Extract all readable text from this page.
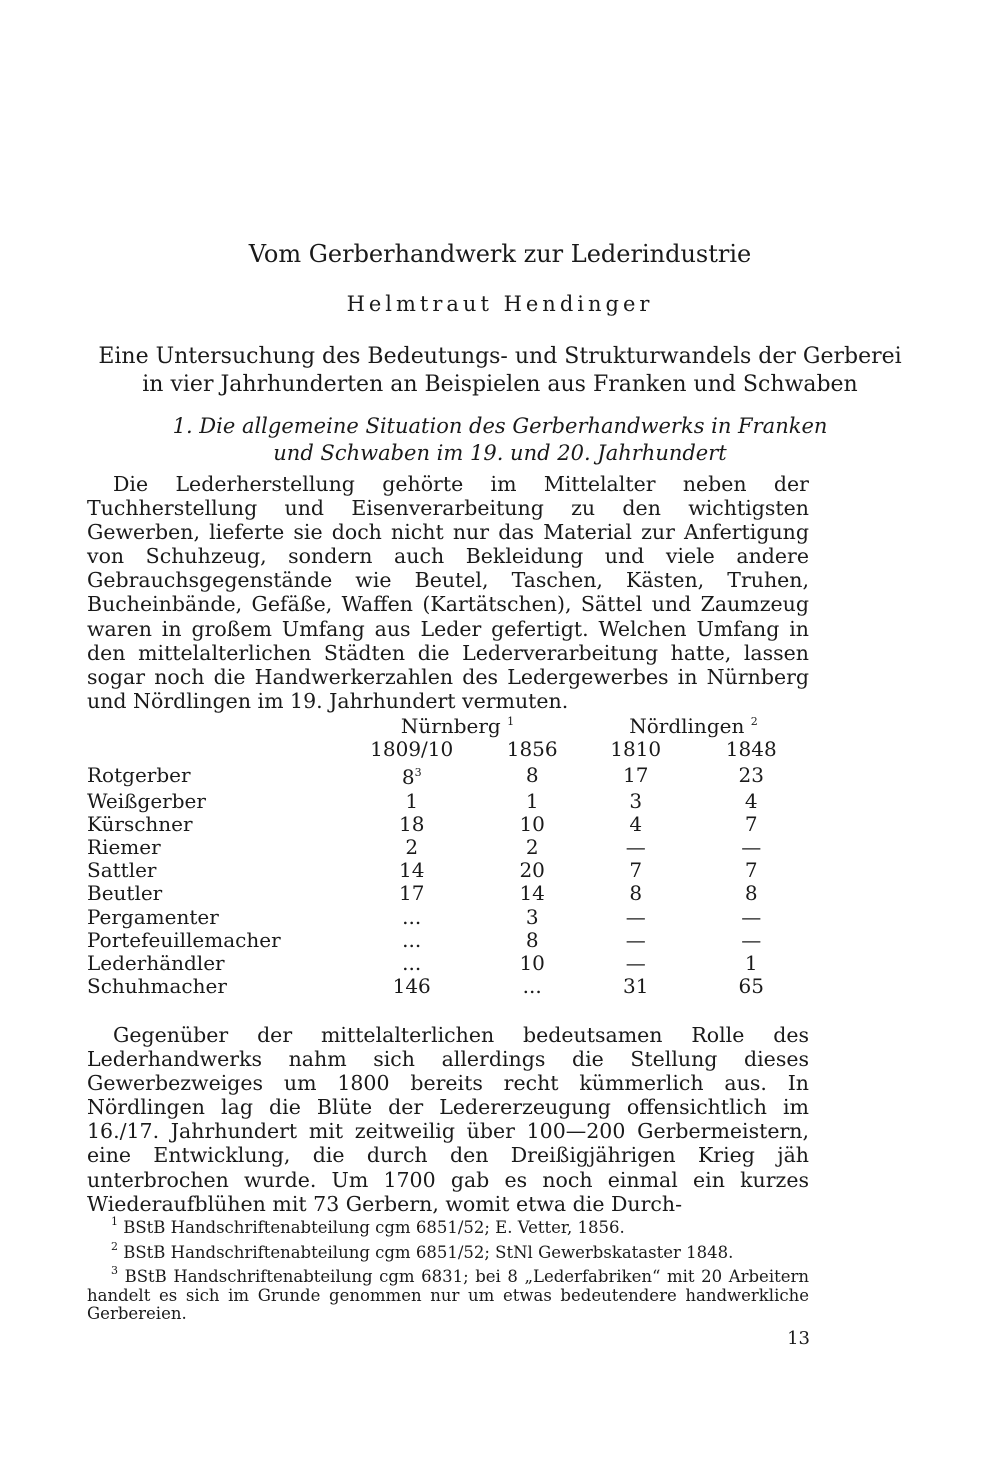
Vom Gerberhandwerk zur Lederindustrie
Helmtraut Hendinger
Eine Untersuchung des Bedeutungs- und Strukturwandels der Gerberei
in vier Jahrhunderten an Beispielen aus Franken und Schwaben
1. Die allgemeine Situation des Gerberhandwerks in Franken
und Schwaben im 19. und 20. Jahrhundert

Die Lederherstellung gehörte im Mittelalter neben der Tuchherstellung und Eisenverarbeitung zu den wichtigsten Gewerben, lieferte sie doch nicht nur das Material zur Anfertigung von Schuhzeug, sondern auch Bekleidung und viele andere Gebrauchsgegenstände wie Beutel, Taschen, Kästen, Truhen, Bucheinbände, Gefäße, Waffen (Kartätschen), Sättel und Zaumzeug waren in großem Umfang aus Leder gefertigt. Welchen Umfang in den mittelalterlichen Städten die Lederverarbeitung hatte, lassen sogar noch die Handwerkerzahlen des Ledergewerbes in Nürnberg und Nördlingen im 19. Jahrhundert vermuten.

	Nürnberg $^1$		Nördlingen $^2$
	1809/10	1856	1810	1848
Rotgerber	$8^3$	8	17	23
Weißgerber	1	1	3	4
Kürschner	18	10	4	7
Riemer	2	2	—	—
Sattler	14	20	7	7
Beutler	17	14	8	8
Pergamenter	...	3	—	—
Portefeuillemacher	...	8	—	—
Lederhändler	...	10	—	1
Schuhmacher	146	...	31	65

Gegenüber der mittelalterlichen bedeutsamen Rolle des Lederhandwerks nahm sich allerdings die Stellung dieses Gewerbezweiges um 1800 bereits recht kümmerlich aus. In Nördlingen lag die Blüte der Ledererzeugung offensichtlich im 16./17. Jahrhundert mit zeitweilig über 100—200 Gerbermeistern, eine Entwicklung, die durch den Dreißigjährigen Krieg jäh unterbrochen wurde. Um 1700 gab es noch einmal ein kurzes Wiederaufblühen mit 73 Gerbern, womit etwa die Durch-

$^1$ BStB Handschriftenabteilung cgm 6851/52; E. Vetter, 1856.

$^2$ BStB Handschriftenabteilung cgm 6851/52; StNl Gewerbskataster 1848.

$^3$ BStB Handschriftenabteilung cgm 6831; bei 8 „Lederfabriken“ mit 20 Arbeitern handelt es sich im Grunde genommen nur um etwas bedeutendere handwerkliche Gerbereien.

13
